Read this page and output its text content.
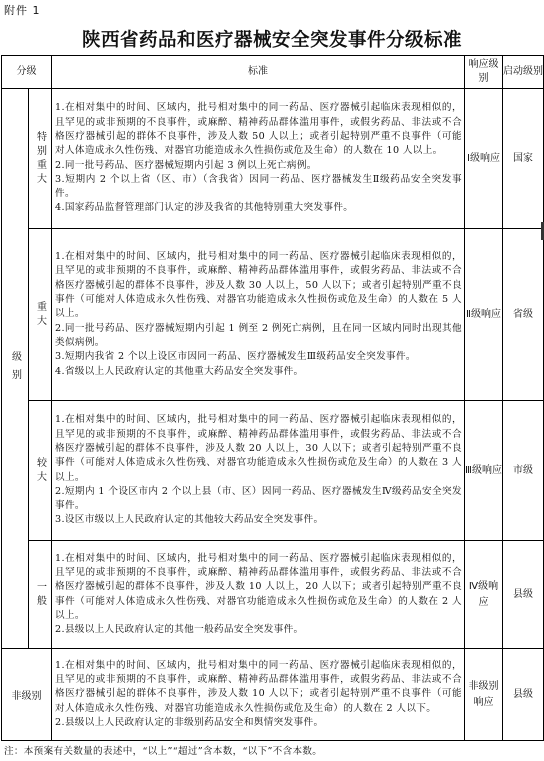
附件 1
陕西省药品和医疗器械安全突发事件分级标准
分级		标准	响应级别	启动级别

级别	特别重大	1.在相对集中的时间、区域内，批号相对集中的同一药品、医疗器械引起临床表现相似的，且罕见的或非预期的不良事件，或麻醉、精神药品群体滥用事件，或假劣药品、非法或不合格医疗器械引起的群体不良事件，涉及人数 50 人以上；或者引起特别严重不良事件（可能对人体造成永久性伤残、对器官功能造成永久性损伤或危及生命）的人数在 10 人以上。

2.同一批号药品、医疗器械短期内引起 3 例以上死亡病例。

3.短期内 2 个以上省（区、市）（含我省）因同一药品、医疗器械发生Ⅱ级药品安全突发事件。

4.国家药品监督管理部门认定的涉及我省的其他特别重大突发事件。	Ⅰ级响应	国家

	重大	1.在相对集中的时间、区域内，批号相对集中的同一药品、医疗器械引起临床表现相似的，且罕见的或非预期的不良事件，或麻醉、精神药品群体滥用事件，或假劣药品、非法或不合格医疗器械引起的群体不良事件，涉及人数 30 人以上，50 人以下；或者引起特别严重不良事件（可能对人体造成永久性伤残、对器官功能造成永久性损伤或危及生命）的人数在 5 人以上。

2.同一批号药品、医疗器械短期内引起 1 例至 2 例死亡病例，且在同一区域内同时出现其他类似病例。

3.短期内我省 2 个以上设区市因同一药品、医疗器械发生Ⅲ级药品安全突发事件。

4.省级以上人民政府认定的其他重大药品安全突发事件。	Ⅱ级响应	省级

	较大	1.在相对集中的时间、区域内，批号相对集中的同一药品、医疗器械引起临床表现相似的，且罕见的或非预期的不良事件，或麻醉、精神药品群体滥用事件，或假劣药品、非法或不合格医疗器械引起的群体不良事件，涉及人数 20 人以上，30 人以下；或者引起特别严重不良事件（可能对人体造成永久性伤残、对器官功能造成永久性损伤或危及生命）的人数在 3 人以上。

2.短期内 1 个设区市内 2 个以上县（市、区）因同一药品、医疗器械发生Ⅳ级药品安全突发事件。

3.设区市级以上人民政府认定的其他较大药品安全突发事件。	Ⅲ级响应	市级

	一般	1.在相对集中的时间、区域内，批号相对集中的同一药品、医疗器械引起临床表现相似的，且罕见的或非预期的不良事件，或麻醉、精神药品群体滥用事件，或假劣药品、非法或不合格医疗器械引起的群体不良事件，涉及人数 10 人以上，20 人以下；或者引起特别严重不良事件（可能对人体造成永久性伤残、对器官功能造成永久性损伤或危及生命）的人数在 2 人以上。

2.县级以上人民政府认定的其他一般药品安全突发事件。	Ⅳ级响应	县级
非级别		1.在相对集中的时间、区域内，批号相对集中的同一药品、医疗器械引起临床表现相似的，且罕见的或非预期的不良事件，或麻醉、精神药品群体滥用事件，或假劣药品、非法或不合格医疗器械引起的群体不良事件，涉及人数 10 人以下；或者引起特别严重不良事件（可能对人体造成永久性伤残、对器官功能造成永久性损伤或危及生命）的人数在 2 人以下。

2.县级以上人民政府认定的非级别药品安全和舆情突发事件。	非级别响应	县级
注：本预案有关数量的表述中，“以上”“超过”含本数，“以下”不含本数。
